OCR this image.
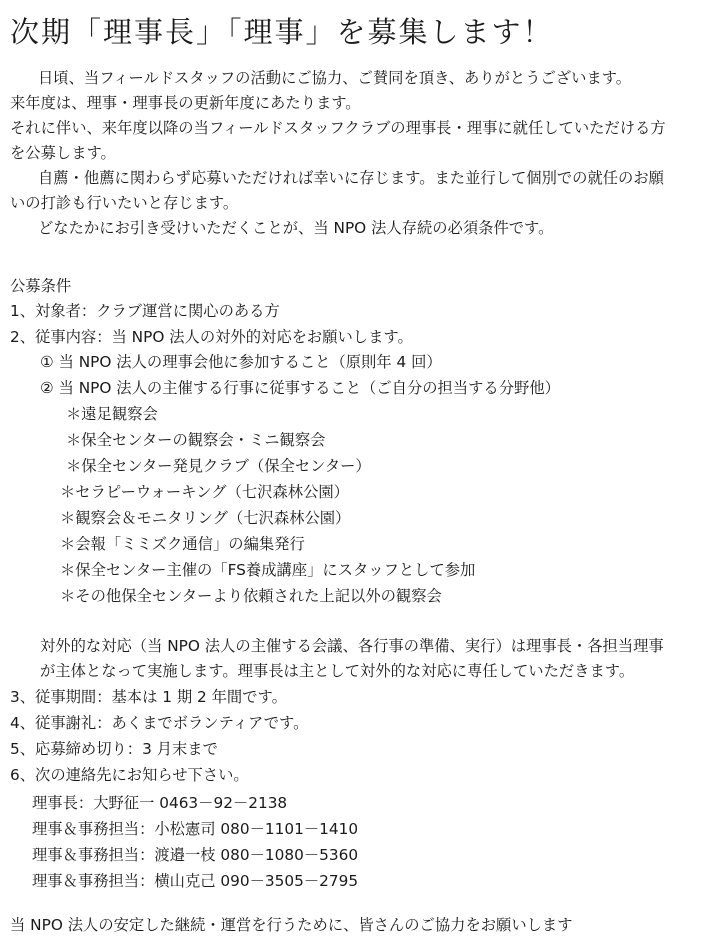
次期「理事長」「理事」を募集します！
日頃、当フィールドスタッフの活動にご協力、ご賛同を頂き、ありがとうございます。
来年度は、理事・理事長の更新年度にあたります。
それに伴い、来年度以降の当フィールドスタッフクラブの理事長・理事に就任していただける方
を公募します。
自薦・他薦に関わらず応募いただければ幸いに存じます。また並行して個別での就任のお願
いの打診も行いたいと存じます。
どなたかにお引き受けいただくことが、当 NPO 法人存続の必須条件です。
公募条件
1、対象者：クラブ運営に関心のある方
2、従事内容：当 NPO 法人の対外的対応をお願いします。
① 当 NPO 法人の理事会他に参加すること（原則年 4 回）
② 当 NPO 法人の主催する行事に従事すること（ご自分の担当する分野他）
＊遠足観察会
＊保全センターの観察会・ミニ観察会
＊保全センター発見クラブ（保全センター）
＊セラピーウォーキング（七沢森林公園）
＊観察会＆モニタリング（七沢森林公園）
＊会報「ミミズク通信」の編集発行
＊保全センター主催の「FS養成講座」にスタッフとして参加
＊その他保全センターより依頼された上記以外の観察会
対外的な対応（当 NPO 法人の主催する会議、各行事の準備、実行）は理事長・各担当理事
が主体となって実施します。理事長は主として対外的な対応に専任していただきます。
3、従事期間：基本は 1 期 2 年間です。
4、従事謝礼：あくまでボランティアです。
5、応募締め切り：3 月末まで
6、次の連絡先にお知らせ下さい。
理事長：大野征一 0463－92－2138
理事＆事務担当：小松憲司 080－1101－1410
理事＆事務担当：渡邉一枝 080－1080－5360
理事＆事務担当：横山克己 090－3505－2795
当 NPO 法人の安定した継続・運営を行うために、皆さんのご協力をお願いします
